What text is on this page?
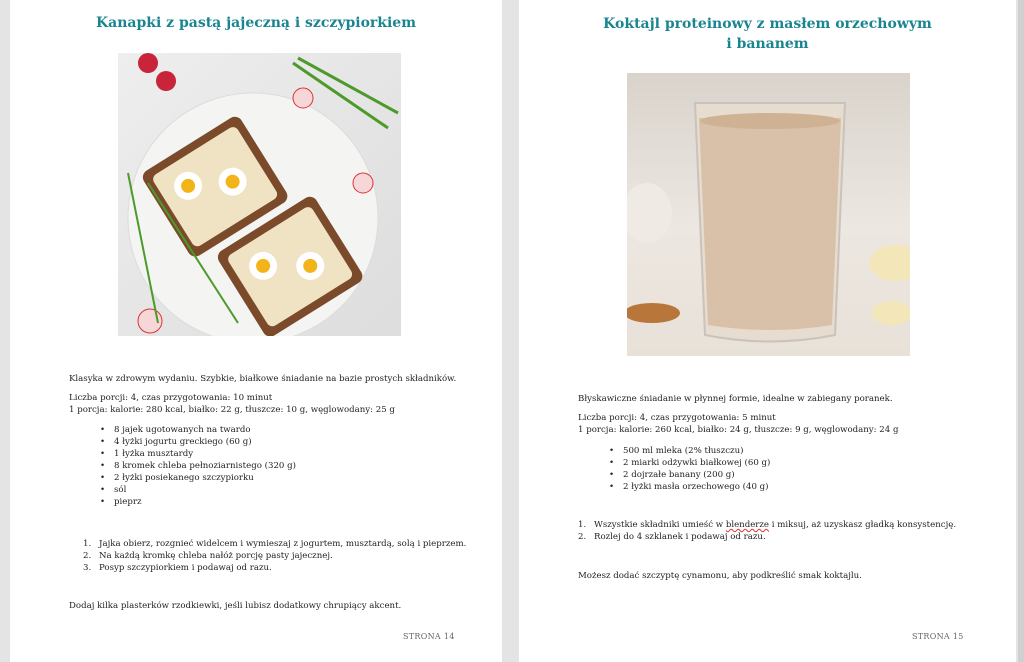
Kanapki z pastą jajeczną i szczypiorkiem
Klasyka w zdrowym wydaniu. Szybkie, białkowe śniadanie na bazie prostych składników.
Liczba porcji: 4, czas przygotowania: 10 minut
1 porcja: kalorie: 280 kcal, białko: 22 g, tłuszcze: 10 g, węglowodany: 25 g
• 8 jajek ugotowanych na twardo
• 4 łyżki jogurtu greckiego (60 g)
• 1 łyżka musztardy
• 8 kromek chleba pełnoziarnistego (320 g)
• 2 łyżki posiekanego szczypiorku
• sól
• pieprz
1. Jajka obierz, rozgnieć widelcem i wymieszaj z jogurtem, musztardą, solą i pieprzem.
2. Na każdą kromkę chleba nałóż porcję pasty jajecznej.
3. Posyp szczypiorkiem i podawaj od razu.
Dodaj kilka plasterków rzodkiewki, jeśli lubisz dodatkowy chrupiący akcent.
STRONA 14
Koktajl proteinowy z masłem orzechowym
i bananem
Błyskawiczne śniadanie w płynnej formie, idealne w zabiegany poranek.
Liczba porcji: 4, czas przygotowania: 5 minut
1 porcja: kalorie: 260 kcal, białko: 24 g, tłuszcze: 9 g, węglowodany: 24 g
• 500 ml mleka (2% tłuszczu)
• 2 miarki odżywki białkowej (60 g)
• 2 dojrzałe banany (200 g)
• 2 łyżki masła orzechowego (40 g)
1. Wszystkie składniki umieść w blenderze i miksuj, aż uzyskasz gładką konsystencję.
2. Rozlej do 4 szklanek i podawaj od razu.
Możesz dodać szczyptę cynamonu, aby podkreślić smak koktajlu.
STRONA 15
